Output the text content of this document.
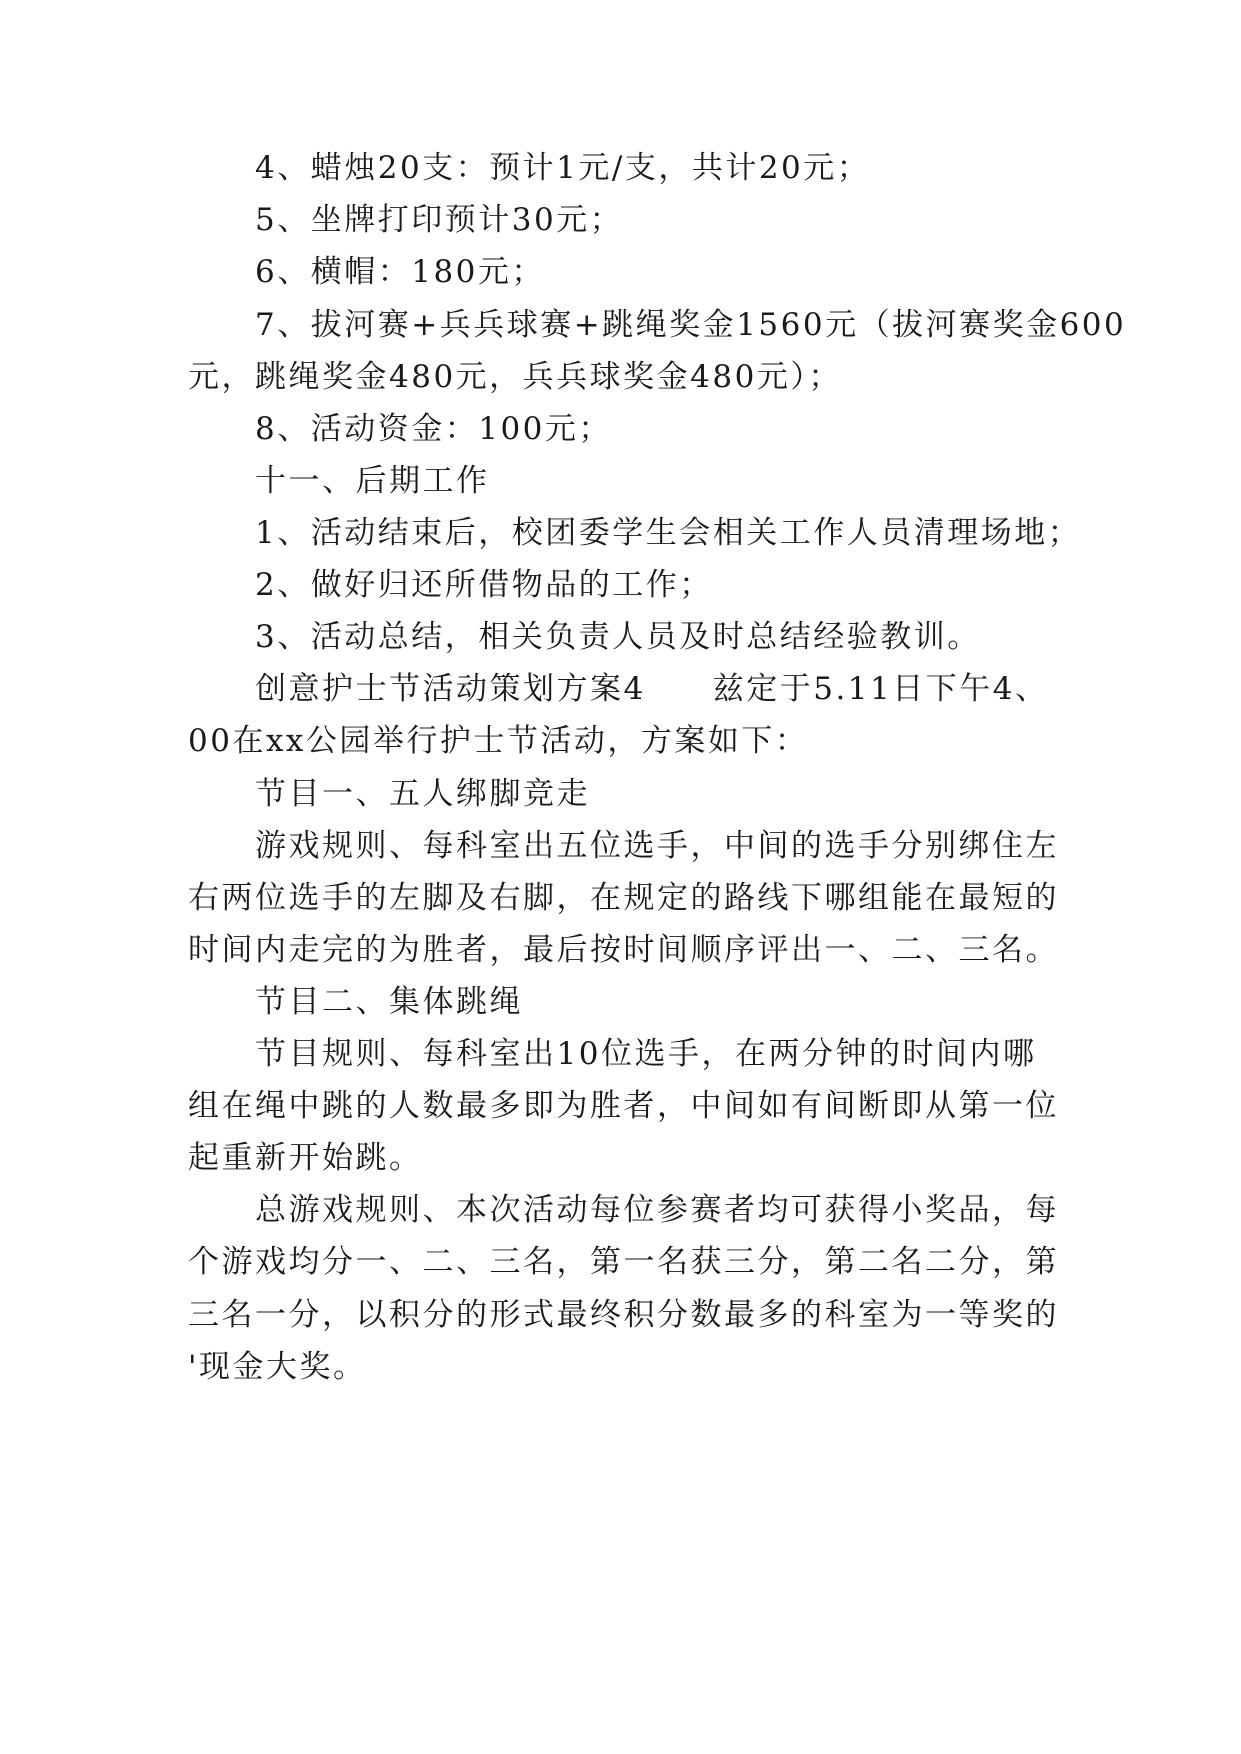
4、蜡烛20支：预计1元/支，共计20元；
5、坐牌打印预计30元；
6、横帽：180元；
7、拔河赛+兵兵球赛+跳绳奖金1560元（拔河赛奖金600
元，跳绳奖金480元，兵兵球奖金480元）；
8、活动资金：100元；
十一、后期工作
1、活动结束后，校团委学生会相关工作人员清理场地；
2、做好归还所借物品的工作；
3、活动总结，相关负责人员及时总结经验教训。
创意护士节活动策划方案4　　兹定于5.11日下午4、
00在xx公园举行护士节活动，方案如下：
节目一、五人绑脚竞走
游戏规则、每科室出五位选手，中间的选手分别绑住左
右两位选手的左脚及右脚，在规定的路线下哪组能在最短的
时间内走完的为胜者，最后按时间顺序评出一、二、三名。
节目二、集体跳绳
节目规则、每科室出10位选手，在两分钟的时间内哪
组在绳中跳的人数最多即为胜者，中间如有间断即从第一位
起重新开始跳。
总游戏规则、本次活动每位参赛者均可获得小奖品，每
个游戏均分一、二、三名，第一名获三分，第二名二分，第
三名一分，以积分的形式最终积分数最多的科室为一等奖的
'现金大奖。
